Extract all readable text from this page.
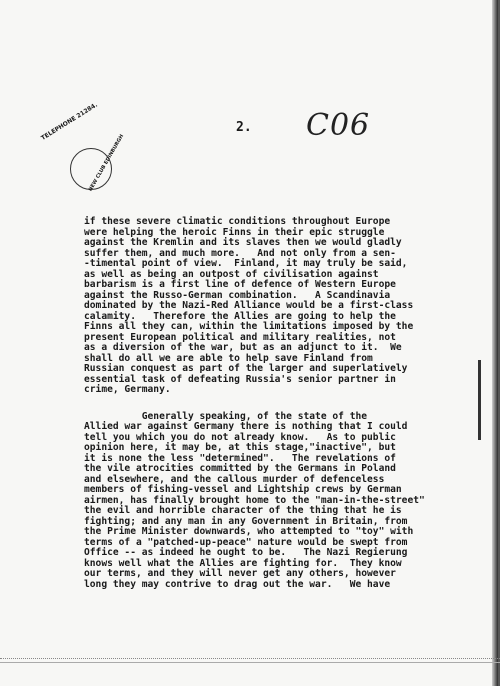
TELEPHONE 21284.
NEW CLUB EDINBURGH
2. C06

if these severe climatic conditions throughout Europe

were helping the heroic Finns in their epic struggle

against the Kremlin and its slaves then we would gladly

suffer them, and much more.   And not only from a sen-

-timental point of view.  Finland, it may truly be said,

as well as being an outpost of civilisation against

barbarism is a first line of defence of Western Europe

against the Russo-German combination.   A Scandinavia

dominated by the Nazi-Red Alliance would be a first-class

calamity.   Therefore the Allies are going to help the

Finns all they can, within the limitations imposed by the

present European political and military realities, not

as a diversion of the war, but as an adjunct to it.  We

shall do all we are able to help save Finland from

Russian conquest as part of the larger and superlatively

essential task of defeating Russia's senior partner in

crime, Germany.

Generally speaking, of the state of the

Allied war against Germany there is nothing that I could

tell you which you do not already know.   As to public

opinion here, it may be, at this stage,"inactive", but

it is none the less "determined".   The revelations of

the vile atrocities committed by the Germans in Poland

and elsewhere, and the callous murder of defenceless

members of fishing-vessel and Lightship crews by German

airmen, has finally brought home to the "man-in-the-street"

the evil and horrible character of the thing that he is

fighting; and any man in any Government in Britain, from

the Prime Minister downwards, who attempted to "toy" with

terms of a "patched-up-peace" nature would be swept from

Office -- as indeed he ought to be.   The Nazi Regierung

knows well what the Allies are fighting for.  They know

our terms, and they will never get any others, however

long they may contrive to drag out the war.   We have
